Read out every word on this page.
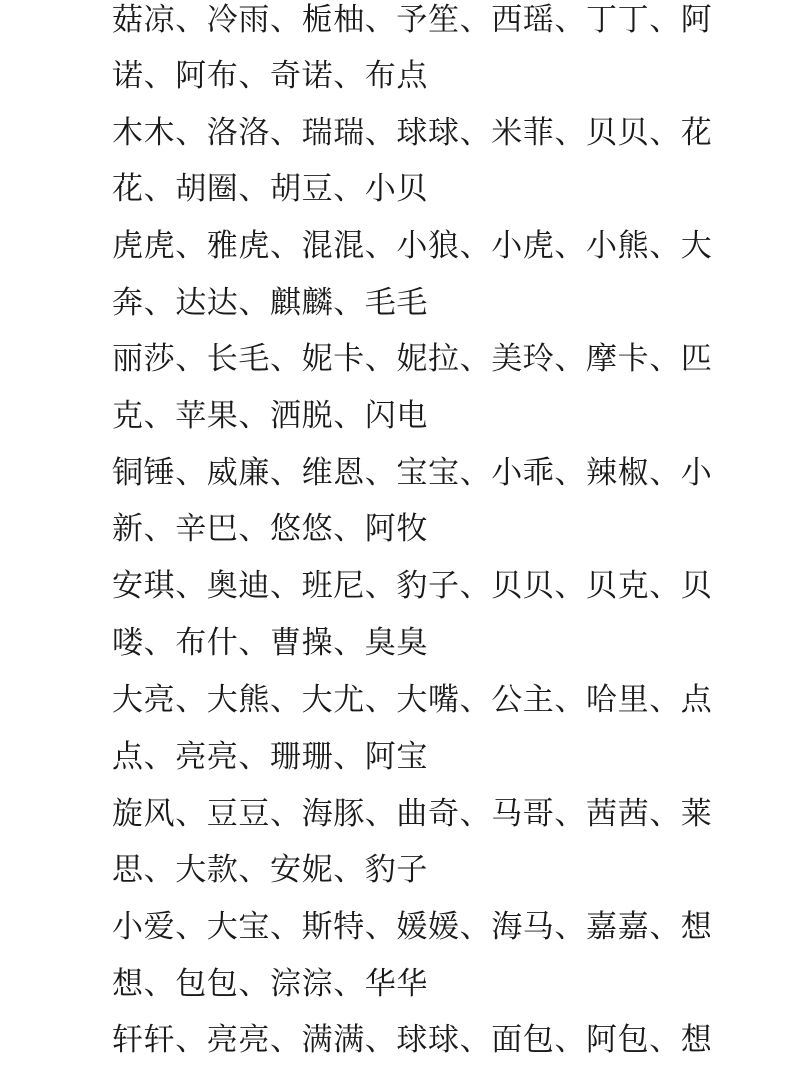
菇凉、冷雨、栀柚、予笙、西瑶、丁丁、阿
诺、阿布、奇诺、布点
木木、洛洛、瑞瑞、球球、米菲、贝贝、花
花、胡圈、胡豆、小贝
虎虎、雅虎、混混、小狼、小虎、小熊、大
奔、达达、麒麟、毛毛
丽莎、长毛、妮卡、妮拉、美玲、摩卡、匹
克、苹果、洒脱、闪电
铜锤、威廉、维恩、宝宝、小乖、辣椒、小
新、辛巴、悠悠、阿牧
安琪、奥迪、班尼、豹子、贝贝、贝克、贝
喽、布什、曹操、臭臭
大亮、大熊、大尤、大嘴、公主、哈里、点
点、亮亮、珊珊、阿宝
旋风、豆豆、海豚、曲奇、马哥、茜茜、莱
思、大款、安妮、豹子
小爱、大宝、斯特、媛媛、海马、嘉嘉、想
想、包包、淙淙、华华
轩轩、亮亮、满满、球球、面包、阿包、想
